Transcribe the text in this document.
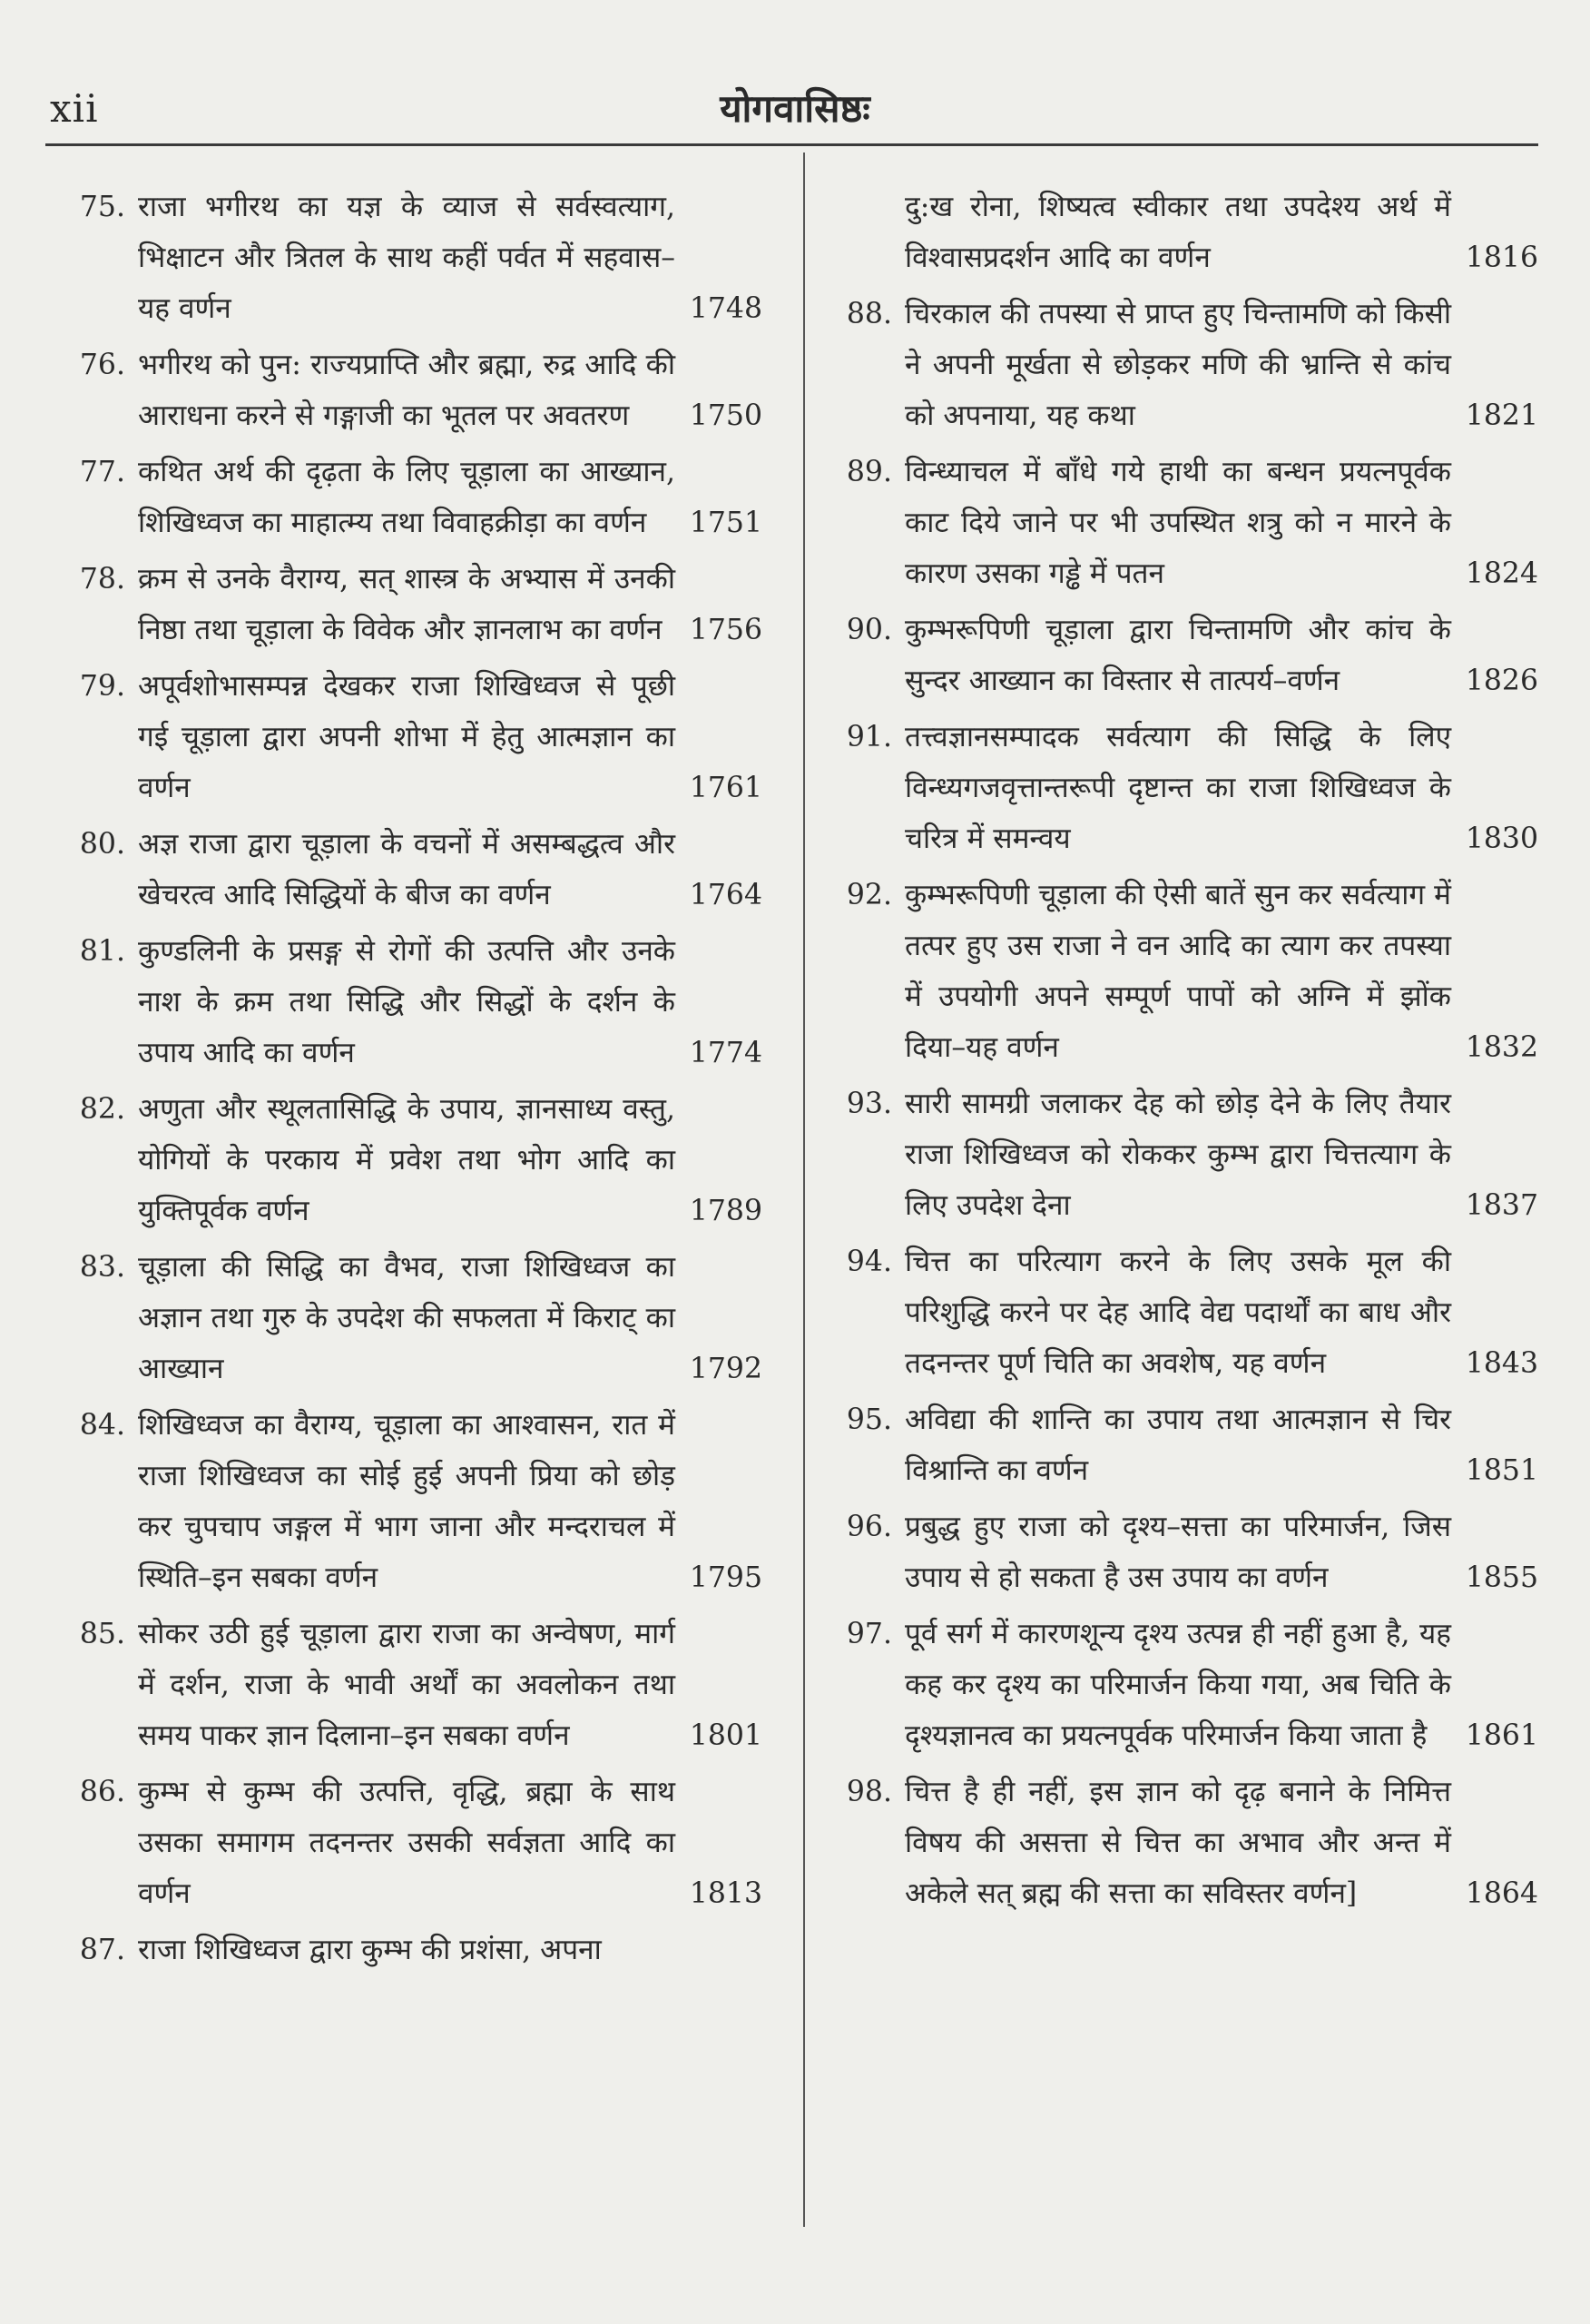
xii	योगवासिष्ठः
75. राजा भगीरथ का यज्ञ के व्याज से सर्वस्वत्याग, भिक्षाटन और त्रितल के साथ कहीं पर्वत में सहवास–यह वर्णन	1748
76. भगीरथ को पुन: राज्यप्राप्ति और ब्रह्मा, रुद्र आदि की आराधना करने से गङ्गाजी का भूतल पर अवतरण	1750
77. कथित अर्थ की दृढ़ता के लिए चूड़ाला का आख्यान, शिखिध्वज का माहात्म्य तथा विवाहक्रीड़ा का वर्णन	1751
78. क्रम से उनके वैराग्य, सत् शास्त्र के अभ्यास में उनकी निष्ठा तथा चूड़ाला के विवेक और ज्ञानलाभ का वर्णन 1756
79. अपूर्वशोभासम्पन्न देखकर राजा शिखिध्वज से पूछी गई चूड़ाला द्वारा अपनी शोभा में हेतु आत्मज्ञान का वर्णन	1761
80. अज्ञ राजा द्वारा चूड़ाला के वचनों में असम्बद्धत्व और खेचरत्व आदि सिद्धियों के बीज का वर्णन	1764
81. कुण्डलिनी के प्रसङ्ग से रोगों की उत्पत्ति और उनके नाश के क्रम तथा सिद्धि और सिद्धों के दर्शन के उपाय आदि का वर्णन	1774
82. अणुता और स्थूलतासिद्धि के उपाय, ज्ञानसाध्य वस्तु, योगियों के परकाय में प्रवेश तथा भोग आदि का युक्तिपूर्वक वर्णन	1789
83. चूड़ाला की सिद्धि का वैभव, राजा शिखिध्वज का अज्ञान तथा गुरु के उपदेश की सफलता में किराट् का आख्यान	1792
84. शिखिध्वज का वैराग्य, चूड़ाला का आश्वासन, रात में राजा शिखिध्वज का सोई हुई अपनी प्रिया को छोड़ कर चुपचाप जङ्गल में भाग जाना और मन्दराचल में स्थिति–इन सबका वर्णन	1795
85. सोकर उठी हुई चूड़ाला द्वारा राजा का अन्वेषण, मार्ग में दर्शन, राजा के भावी अर्थों का अवलोकन तथा समय पाकर ज्ञान दिलाना–इन सबका वर्णन	1801
86. कुम्भ से कुम्भ की उत्पत्ति, वृद्धि, ब्रह्मा के साथ उसका समागम तदनन्तर उसकी सर्वज्ञता आदि का वर्णन	1813
87. राजा शिखिध्वज द्वारा कुम्भ की प्रशंसा, अपना
दु:ख रोना, शिष्यत्व स्वीकार तथा उपदेश्य अर्थ में विश्वासप्रदर्शन आदि का वर्णन	1816
88. चिरकाल की तपस्या से प्राप्त हुए चिन्तामणि को किसी ने अपनी मूर्खता से छोड़कर मणि की भ्रान्ति से कांच को अपनाया, यह कथा	1821
89. विन्ध्याचल में बाँधे गये हाथी का बन्धन प्रयत्नपूर्वक काट दिये जाने पर भी उपस्थित शत्रु को न मारने के कारण उसका गड्ढे में पतन	1824
90. कुम्भरूपिणी चूड़ाला द्वारा चिन्तामणि और कांच के सुन्दर आख्यान का विस्तार से तात्पर्य–वर्णन	1826
91. तत्त्वज्ञानसम्पादक सर्वत्याग की सिद्धि के लिए विन्ध्यगजवृत्तान्तरूपी दृष्टान्त का राजा शिखिध्वज के चरित्र में समन्वय	1830
92. कुम्भरूपिणी चूड़ाला की ऐसी बातें सुन कर सर्वत्याग में तत्पर हुए उस राजा ने वन आदि का त्याग कर तपस्या में उपयोगी अपने सम्पूर्ण पापों को अग्नि में झोंक दिया–यह वर्णन	1832
93. सारी सामग्री जलाकर देह को छोड़ देने के लिए तैयार राजा शिखिध्वज को रोककर कुम्भ द्वारा चित्तत्याग के लिए उपदेश देना	1837
94. चित्त का परित्याग करने के लिए उसके मूल की परिशुद्धि करने पर देह आदि वेद्य पदार्थों का बाध और तदनन्तर पूर्ण चिति का अवशेष, यह वर्णन	1843
95. अविद्या की शान्ति का उपाय तथा आत्मज्ञान से चिर विश्रान्ति का वर्णन	1851
96. प्रबुद्ध हुए राजा को दृश्य–सत्ता का परिमार्जन, जिस उपाय से हो सकता है उस उपाय का वर्णन	1855
97. पूर्व सर्ग में कारणशून्य दृश्य उत्पन्न ही नहीं हुआ है, यह कह कर दृश्य का परिमार्जन किया गया, अब चिति के दृश्यज्ञानत्व का प्रयत्नपूर्वक परिमार्जन किया जाता है	1861
98. चित्त है ही नहीं, इस ज्ञान को दृढ़ बनाने के निमित्त विषय की असत्ता से चित्त का अभाव और अन्त में अकेले सत् ब्रह्म की सत्ता का सविस्तर वर्णन]	1864
